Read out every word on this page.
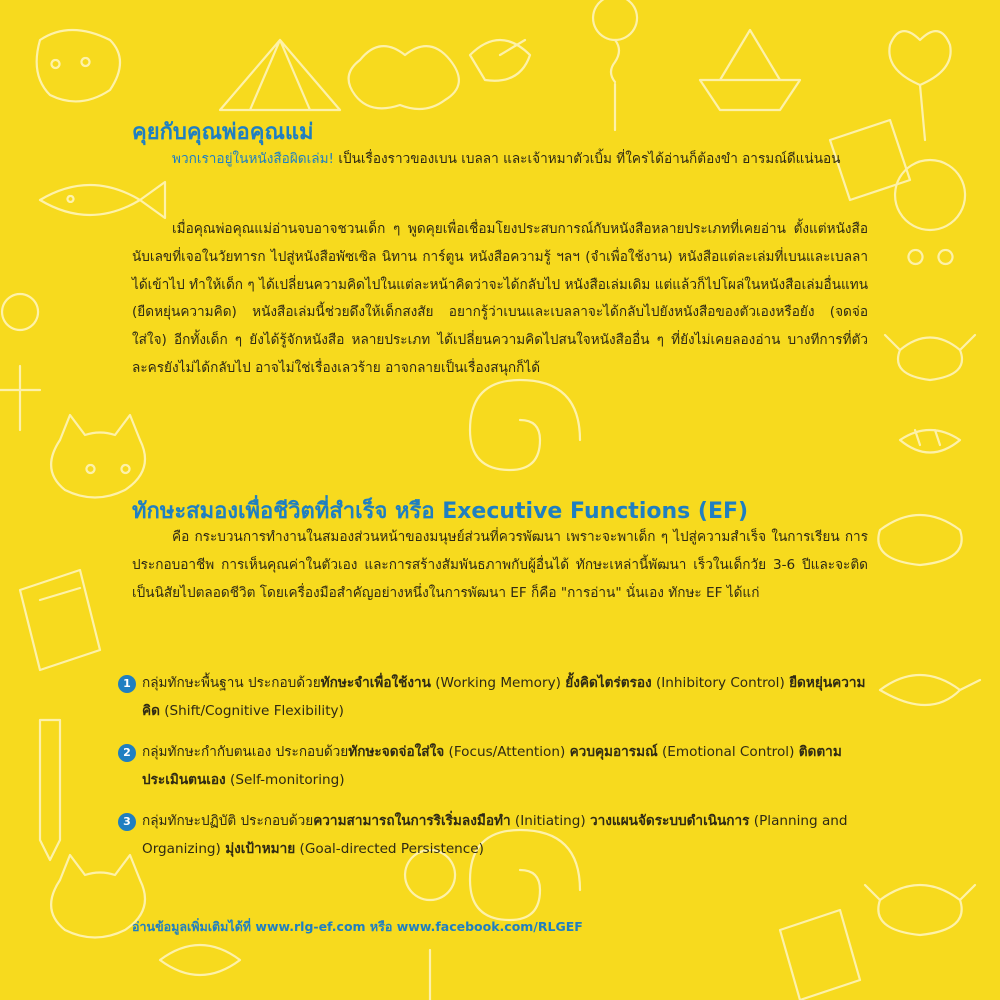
คุยกับคุณพ่อคุณแม่

พวกเราอยู่ในหนังสือผิดเล่ม! เป็นเรื่องราวของเบน เบลลา และเจ้าหมาตัวเบิ้ม ที่ใครได้อ่านก็ต้องขำ อารมณ์ดีแน่นอน

เมื่อคุณพ่อคุณแม่อ่านจบอาจชวนเด็ก ๆ พูดคุยเพื่อเชื่อมโยงประสบการณ์กับหนังสือหลายประเภทที่เคยอ่าน ตั้งแต่หนังสือนับเลขที่เจอในวัยทารก ไปสู่หนังสือพัซเซิล นิทาน การ์ตูน หนังสือความรู้ ฯลฯ (จำเพื่อใช้งาน) หนังสือแต่ละเล่มที่เบนและเบลลาได้เข้าไป ทำให้เด็ก ๆ ได้เปลี่ยนความคิดไปในแต่ละหน้าคิดว่าจะได้กลับไป หนังสือเล่มเดิม แต่แล้วก็ไปโผล่ในหนังสือเล่มอื่นแทน (ยืดหยุ่นความคิด) หนังสือเล่มนี้ช่วยดึงให้เด็กสงสัย อยากรู้ว่าเบนและเบลลาจะได้กลับไปยังหนังสือของตัวเองหรือยัง (จดจ่อใส่ใจ) อีกทั้งเด็ก ๆ ยังได้รู้จักหนังสือ หลายประเภท ได้เปลี่ยนความคิดไปสนใจหนังสืออื่น ๆ ที่ยังไม่เคยลองอ่าน บางทีการที่ตัวละครยังไม่ได้กลับไป อาจไม่ใช่เรื่องเลวร้าย อาจกลายเป็นเรื่องสนุกก็ได้

ทักษะสมองเพื่อชีวิตที่สำเร็จ หรือ Executive Functions (EF)

คือ กระบวนการทำงานในสมองส่วนหน้าของมนุษย์ส่วนที่ควรพัฒนา เพราะจะพาเด็ก ๆ ไปสู่ความสำเร็จ ในการเรียน การประกอบอาชีพ การเห็นคุณค่าในตัวเอง และการสร้างสัมพันธภาพกับผู้อื่นได้ ทักษะเหล่านี้พัฒนา เร็วในเด็กวัย 3-6 ปีและจะติดเป็นนิสัยไปตลอดชีวิต โดยเครื่องมือสำคัญอย่างหนึ่งในการพัฒนา EF ก็คือ "การอ่าน" นั่นเอง ทักษะ EF ได้แก่

1 กลุ่มทักษะพื้นฐาน ประกอบด้วยทักษะจำเพื่อใช้งาน (Working Memory) ยั้งคิดไตร่ตรอง (Inhibitory Control) ยืดหยุ่นความคิด (Shift/Cognitive Flexibility)
2 กลุ่มทักษะกำกับตนเอง ประกอบด้วยทักษะจดจ่อใส่ใจ (Focus/Attention) ควบคุมอารมณ์ (Emotional Control) ติดตาม ประเมินตนเอง (Self-monitoring)
3 กลุ่มทักษะปฏิบัติ ประกอบด้วยความสามารถในการริเริ่มลงมือทำ (Initiating) วางแผนจัดระบบดำเนินการ (Planning and Organizing) มุ่งเป้าหมาย (Goal-directed Persistence)

อ่านข้อมูลเพิ่มเติมได้ที่ www.rlg-ef.com หรือ www.facebook.com/RLGEF
